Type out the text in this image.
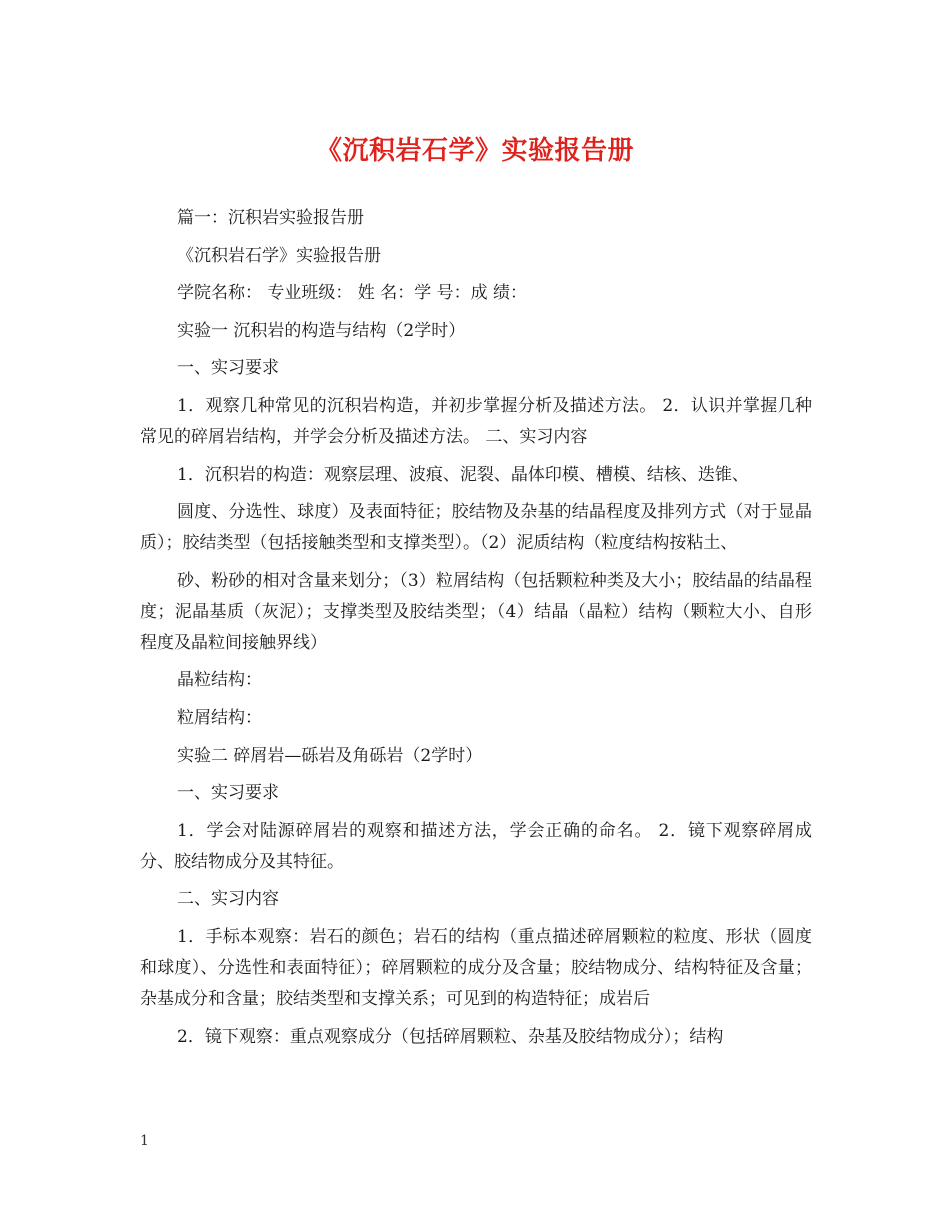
《沉积岩石学》实验报告册

篇一：沉积岩实验报告册

《沉积岩石学》实验报告册

学院名称： 专业班级： 姓 名：学 号：成 绩：

实验一 沉积岩的构造与结构（2学时）

一、实习要求

1．观察几种常见的沉积岩构造，并初步掌握分析及描述方法。 2．认识并掌握几种常见的碎屑岩结构，并学会分析及描述方法。 二、实习内容

1．沉积岩的构造：观察层理、波痕、泥裂、晶体印模、槽模、结核、迭锥、

圆度、分选性、球度）及表面特征；胶结物及杂基的结晶程度及排列方式（对于显晶质）；胶结类型（包括接触类型和支撑类型）。（2）泥质结构（粒度结构按粘土、

砂、粉砂的相对含量来划分；（3）粒屑结构（包括颗粒种类及大小；胶结晶的结晶程度；泥晶基质（灰泥）；支撑类型及胶结类型；（4）结晶（晶粒）结构（颗粒大小、自形程度及晶粒间接触界线）

晶粒结构：

粒屑结构：

实验二 碎屑岩—砾岩及角砾岩（2学时）

一、实习要求

1．学会对陆源碎屑岩的观察和描述方法，学会正确的命名。 2．镜下观察碎屑成分、胶结物成分及其特征。

二、实习内容

1．手标本观察：岩石的颜色；岩石的结构（重点描述碎屑颗粒的粒度、形状（圆度和球度）、分选性和表面特征）；碎屑颗粒的成分及含量；胶结物成分、结构特征及含量；杂基成分和含量；胶结类型和支撑关系；可见到的构造特征；成岩后

2．镜下观察：重点观察成分（包括碎屑颗粒、杂基及胶结物成分）；结构

1
